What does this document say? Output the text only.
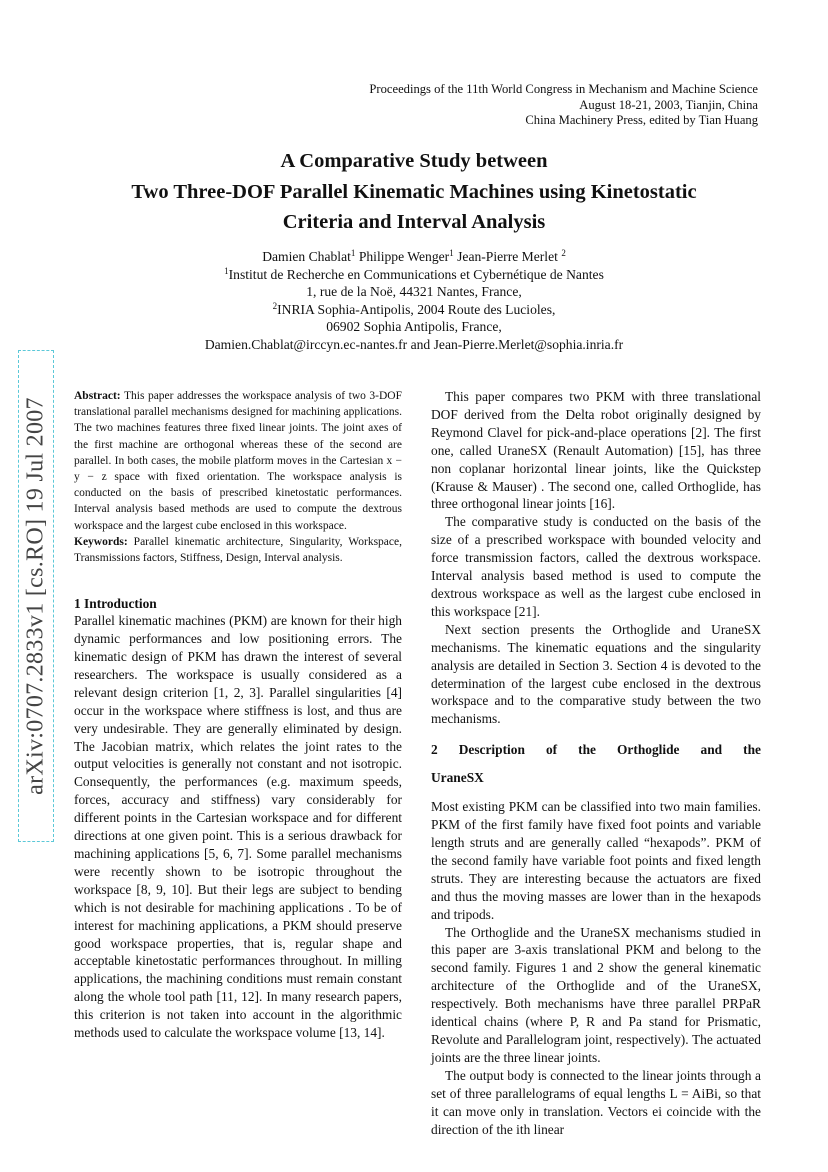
arXiv:0707.2833v1 [cs.RO] 19 Jul 2007
Proceedings of the 11th World Congress in Mechanism and Machine Science
August 18-21, 2003, Tianjin, China
China Machinery Press, edited by Tian Huang
A Comparative Study between
Two Three-DOF Parallel Kinematic Machines using Kinetostatic
Criteria and Interval Analysis
Damien Chablat$^1$ Philippe Wenger$^1$ Jean-Pierre Merlet $^2$
$^1$Institut de Recherche en Communications et Cybernétique de Nantes
1, rue de la Noë, 44321 Nantes, France,
$^2$INRIA Sophia-Antipolis, 2004 Route des Lucioles,
06902 Sophia Antipolis, France,
Damien.Chablat@irccyn.ec-nantes.fr and Jean-Pierre.Merlet@sophia.inria.fr

Abstract: This paper addresses the workspace analysis of two 3-DOF translational parallel mechanisms designed for machining applications. The two machines features three fixed linear joints. The joint axes of the first machine are orthogonal whereas these of the second are parallel. In both cases, the mobile platform moves in the Cartesian x − y − z space with fixed orientation. The workspace analysis is conducted on the basis of prescribed kinetostatic performances. Interval analysis based methods are used to compute the dextrous workspace and the largest cube enclosed in this workspace.

Keywords: Parallel kinematic architecture, Singularity, Workspace, Transmissions factors, Stiffness, Design, Interval analysis.

1 Introduction

Parallel kinematic machines (PKM) are known for their high dynamic performances and low positioning errors. The kinematic design of PKM has drawn the interest of several researchers. The workspace is usually considered as a relevant design criterion [1, 2, 3]. Parallel singularities [4] occur in the workspace where stiffness is lost, and thus are very undesirable. They are generally eliminated by design. The Jacobian matrix, which relates the joint rates to the output velocities is generally not constant and not isotropic. Consequently, the performances (e.g. maximum speeds, forces, accuracy and stiffness) vary considerably for different points in the Cartesian workspace and for different directions at one given point. This is a serious drawback for machining applications [5, 6, 7]. Some parallel mechanisms were recently shown to be isotropic throughout the workspace [8, 9, 10]. But their legs are subject to bending which is not desirable for machining applications . To be of interest for machining applications, a PKM should preserve good workspace properties, that is, regular shape and acceptable kinetostatic performances throughout. In milling applications, the machining conditions must remain constant along the whole tool path [11, 12]. In many research papers, this criterion is not taken into account in the algorithmic methods used to calculate the workspace volume [13, 14].

This paper compares two PKM with three translational DOF derived from the Delta robot originally designed by Reymond Clavel for pick-and-place operations [2]. The first one, called UraneSX (Renault Automation) [15], has three non coplanar horizontal linear joints, like the Quickstep (Krause & Mauser) . The second one, called Orthoglide, has three orthogonal linear joints [16].

The comparative study is conducted on the basis of the size of a prescribed workspace with bounded velocity and force transmission factors, called the dextrous workspace. Interval analysis based method is used to compute the dextrous workspace as well as the largest cube enclosed in this workspace [21].

Next section presents the Orthoglide and UraneSX mechanisms. The kinematic equations and the singularity analysis are detailed in Section 3. Section 4 is devoted to the determination of the largest cube enclosed in the dextrous workspace and to the comparative study between the two mechanisms.

2 Description of the Orthoglide and the UraneSX

Most existing PKM can be classified into two main families. PKM of the first family have fixed foot points and variable length struts and are generally called “hexapods”. PKM of the second family have variable foot points and fixed length struts. They are interesting because the actuators are fixed and thus the moving masses are lower than in the hexapods and tripods.

The Orthoglide and the UraneSX mechanisms studied in this paper are 3-axis translational PKM and belong to the second family. Figures 1 and 2 show the general kinematic architecture of the Orthoglide and of the UraneSX, respectively. Both mechanisms have three parallel PRPaR identical chains (where P, R and Pa stand for Prismatic, Revolute and Parallelogram joint, respectively). The actuated joints are the three linear joints.

The output body is connected to the linear joints through a set of three parallelograms of equal lengths L = AiBi, so that it can move only in translation. Vectors ei coincide with the direction of the ith linear
